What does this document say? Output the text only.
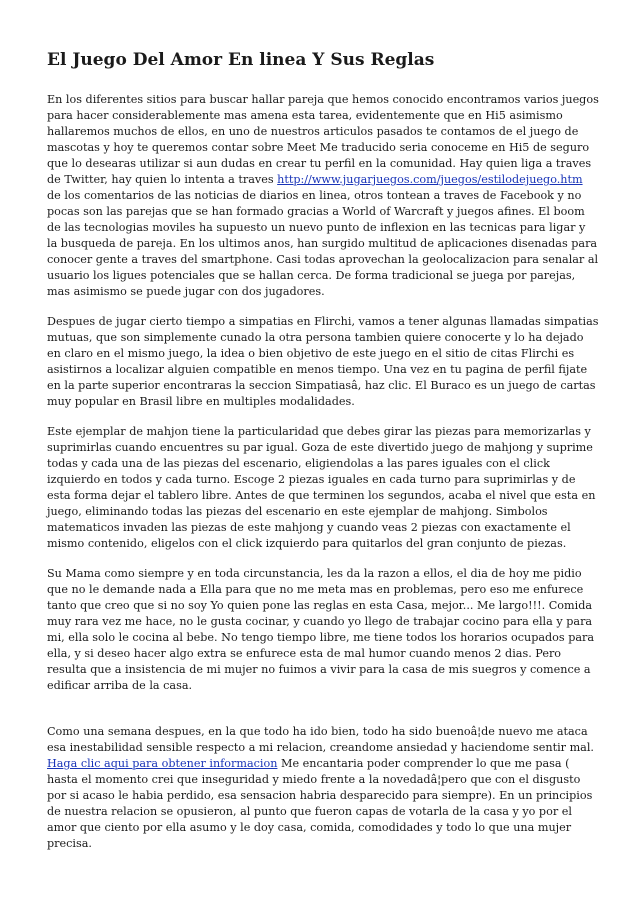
El Juego Del Amor En linea Y Sus Reglas

En los diferentes sitios para buscar hallar pareja que hemos conocido encontramos varios juegos para hacer considerablemente mas amena esta tarea, evidentemente que en Hi5 asimismo hallaremos muchos de ellos, en uno de nuestros articulos pasados te contamos de el juego de mascotas y hoy te queremos contar sobre Meet Me traducido seria conoceme en Hi5 de seguro que lo desearas utilizar si aun dudas en crear tu perfil en la comunidad. Hay quien liga a traves de Twitter, hay quien lo intenta a traves http://www.jugarjuegos.com/juegos/estilodejuego.htm de los comentarios de las noticias de diarios en linea, otros tontean a traves de Facebook y no pocas son las parejas que se han formado gracias a World of Warcraft y juegos afines. El boom de las tecnologias moviles ha supuesto un nuevo punto de inflexion en las tecnicas para ligar y la busqueda de pareja. En los ultimos anos, han surgido multitud de aplicaciones disenadas para conocer gente a traves del smartphone. Casi todas aprovechan la geolocalizacion para senalar al usuario los ligues potenciales que se hallan cerca. De forma tradicional se juega por parejas, mas asimismo se puede jugar con dos jugadores.

Despues de jugar cierto tiempo a simpatias en Flirchi, vamos a tener algunas llamadas simpatias mutuas, que son simplemente cunado la otra persona tambien quiere conocerte y lo ha dejado en claro en el mismo juego, la idea o bien objetivo de este juego en el sitio de citas Flirchi es asistirnos a localizar alguien compatible en menos tiempo. Una vez en tu pagina de perfil fijate en la parte superior encontraras la seccion Simpatiasâ, haz clic. El Buraco es un juego de cartas muy popular en Brasil libre en multiples modalidades.

Este ejemplar de mahjon tiene la particularidad que debes girar las piezas para memorizarlas y suprimirlas cuando encuentres su par igual. Goza de este divertido juego de mahjong y suprime todas y cada una de las piezas del escenario, eligiendolas a las pares iguales con el click izquierdo en todos y cada turno. Escoge 2 piezas iguales en cada turno para suprimirlas y de esta forma dejar el tablero libre. Antes de que terminen los segundos, acaba el nivel que esta en juego, eliminando todas las piezas del escenario en este ejemplar de mahjong. Simbolos matematicos invaden las piezas de este mahjong y cuando veas 2 piezas con exactamente el mismo contenido, eligelos con el click izquierdo para quitarlos del gran conjunto de piezas.

Su Mama como siempre y en toda circunstancia, les da la razon a ellos, el dia de hoy me pidio que no le demande nada a Ella para que no me meta mas en problemas, pero eso me enfurece tanto que creo que si no soy Yo quien pone las reglas en esta Casa, mejor... Me largo!!!. Comida muy rara vez me hace, no le gusta cocinar, y cuando yo llego de trabajar cocino para ella y para mi, ella solo le cocina al bebe. No tengo tiempo libre, me tiene todos los horarios ocupados para ella, y si deseo hacer algo extra se enfurece esta de mal humor cuando menos 2 dias. Pero resulta que a insistencia de mi mujer no fuimos a vivir para la casa de mis suegros y comence a edificar arriba de la casa.

Como una semana despues, en la que todo ha ido bien, todo ha sido buenoâ¦de nuevo me ataca esa inestabilidad sensible respecto a mi relacion, creandome ansiedad y haciendome sentir mal. Haga clic aqui para obtener informacion Me encantaria poder comprender lo que me pasa ( hasta el momento crei que inseguridad y miedo frente a la novedadâ¦pero que con el disgusto por si acaso le habia perdido, esa sensacion habria desparecido para siempre). En un principios de nuestra relacion se opusieron, al punto que fueron capas de votarla de la casa y yo por el amor que ciento por ella asumo y le doy casa, comida, comodidades y todo lo que una mujer precisa.
